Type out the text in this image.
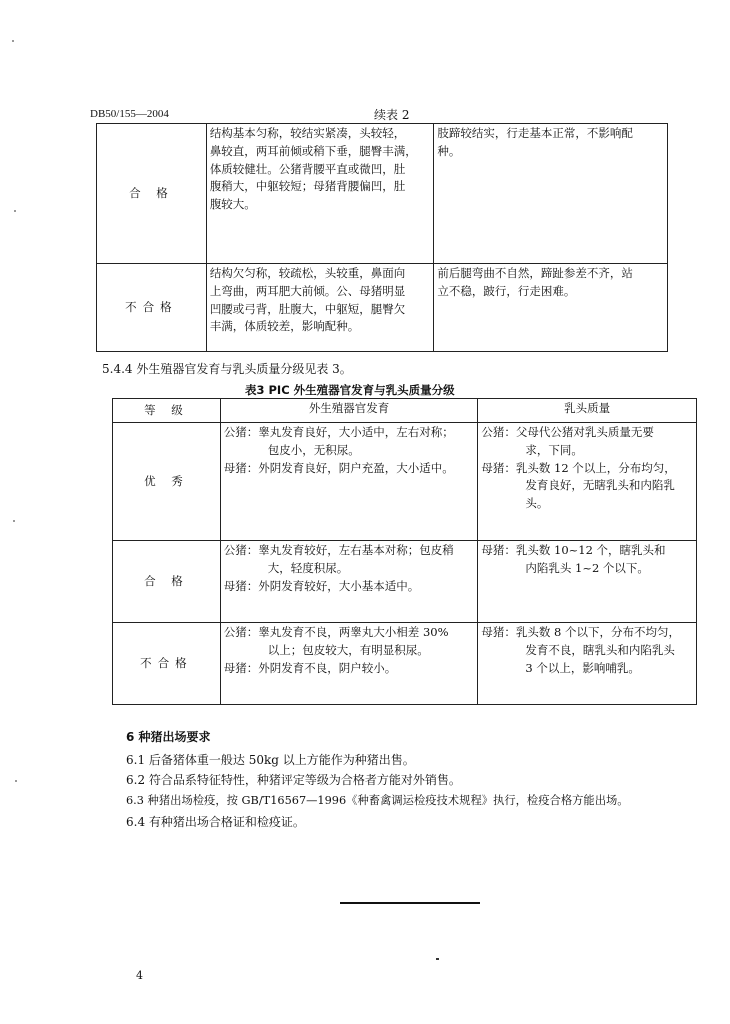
DB50/155—2004	续表 2
合 格	结构基本匀称，较结实紧凑，头较轻，
鼻较直，两耳前倾或稍下垂，腿臀丰满，
体质较健壮。公猪背腰平直或微凹，肚
腹稍大，中躯较短；母猪背腰偏凹，肚
腹较大。	肢蹄较结实，行走基本正常，不影响配
种。

不合格	结构欠匀称，较疏松，头较重，鼻面向
上弯曲，两耳肥大前倾。公、母猪明显
凹腰或弓背，肚腹大，中躯短，腿臀欠
丰满，体质较差，影响配种。	前后腿弯曲不自然，蹄趾参差不齐，站
立不稳，跛行，行走困难。
5.4.4 外生殖器官发育与乳头质量分级见表 3。
表3 PIC 外生殖器官发育与乳头质量分级
等 级	外生殖器官发育	乳头质量
优 秀	公猪：睾丸发育良好，大小适中，左右对称；
包皮小，无积尿。
母猪：外阴发育良好，阴户充盈，大小适中。	公猪：父母代公猪对乳头质量无要
求，下同。
母猪：乳头数 12 个以上，分布均匀，
发育良好，无瞎乳头和内陷乳
头。

合 格	公猪：睾丸发育较好，左右基本对称；包皮稍
大，轻度积尿。
母猪：外阴发育较好，大小基本适中。	母猪：乳头数 10~12 个，瞎乳头和
内陷乳头 1~2 个以下。

不合格	公猪：睾丸发育不良，两睾丸大小相差 30%
以上；包皮较大，有明显积尿。
母猪：外阴发育不良，阴户较小。	母猪：乳头数 8 个以下，分布不均匀，
发育不良，瞎乳头和内陷乳头
3 个以上，影响哺乳。
6 种猪出场要求
6.1 后备猪体重一般达 50kg 以上方能作为种猪出售。
6.2 符合品系特征特性，种猪评定等级为合格者方能对外销售。
6.3 种猪出场检疫，按 GB/T16567—1996《种畜禽调运检疫技术规程》执行，检疫合格方能出场。
6.4 有种猪出场合格证和检疫证。
4
